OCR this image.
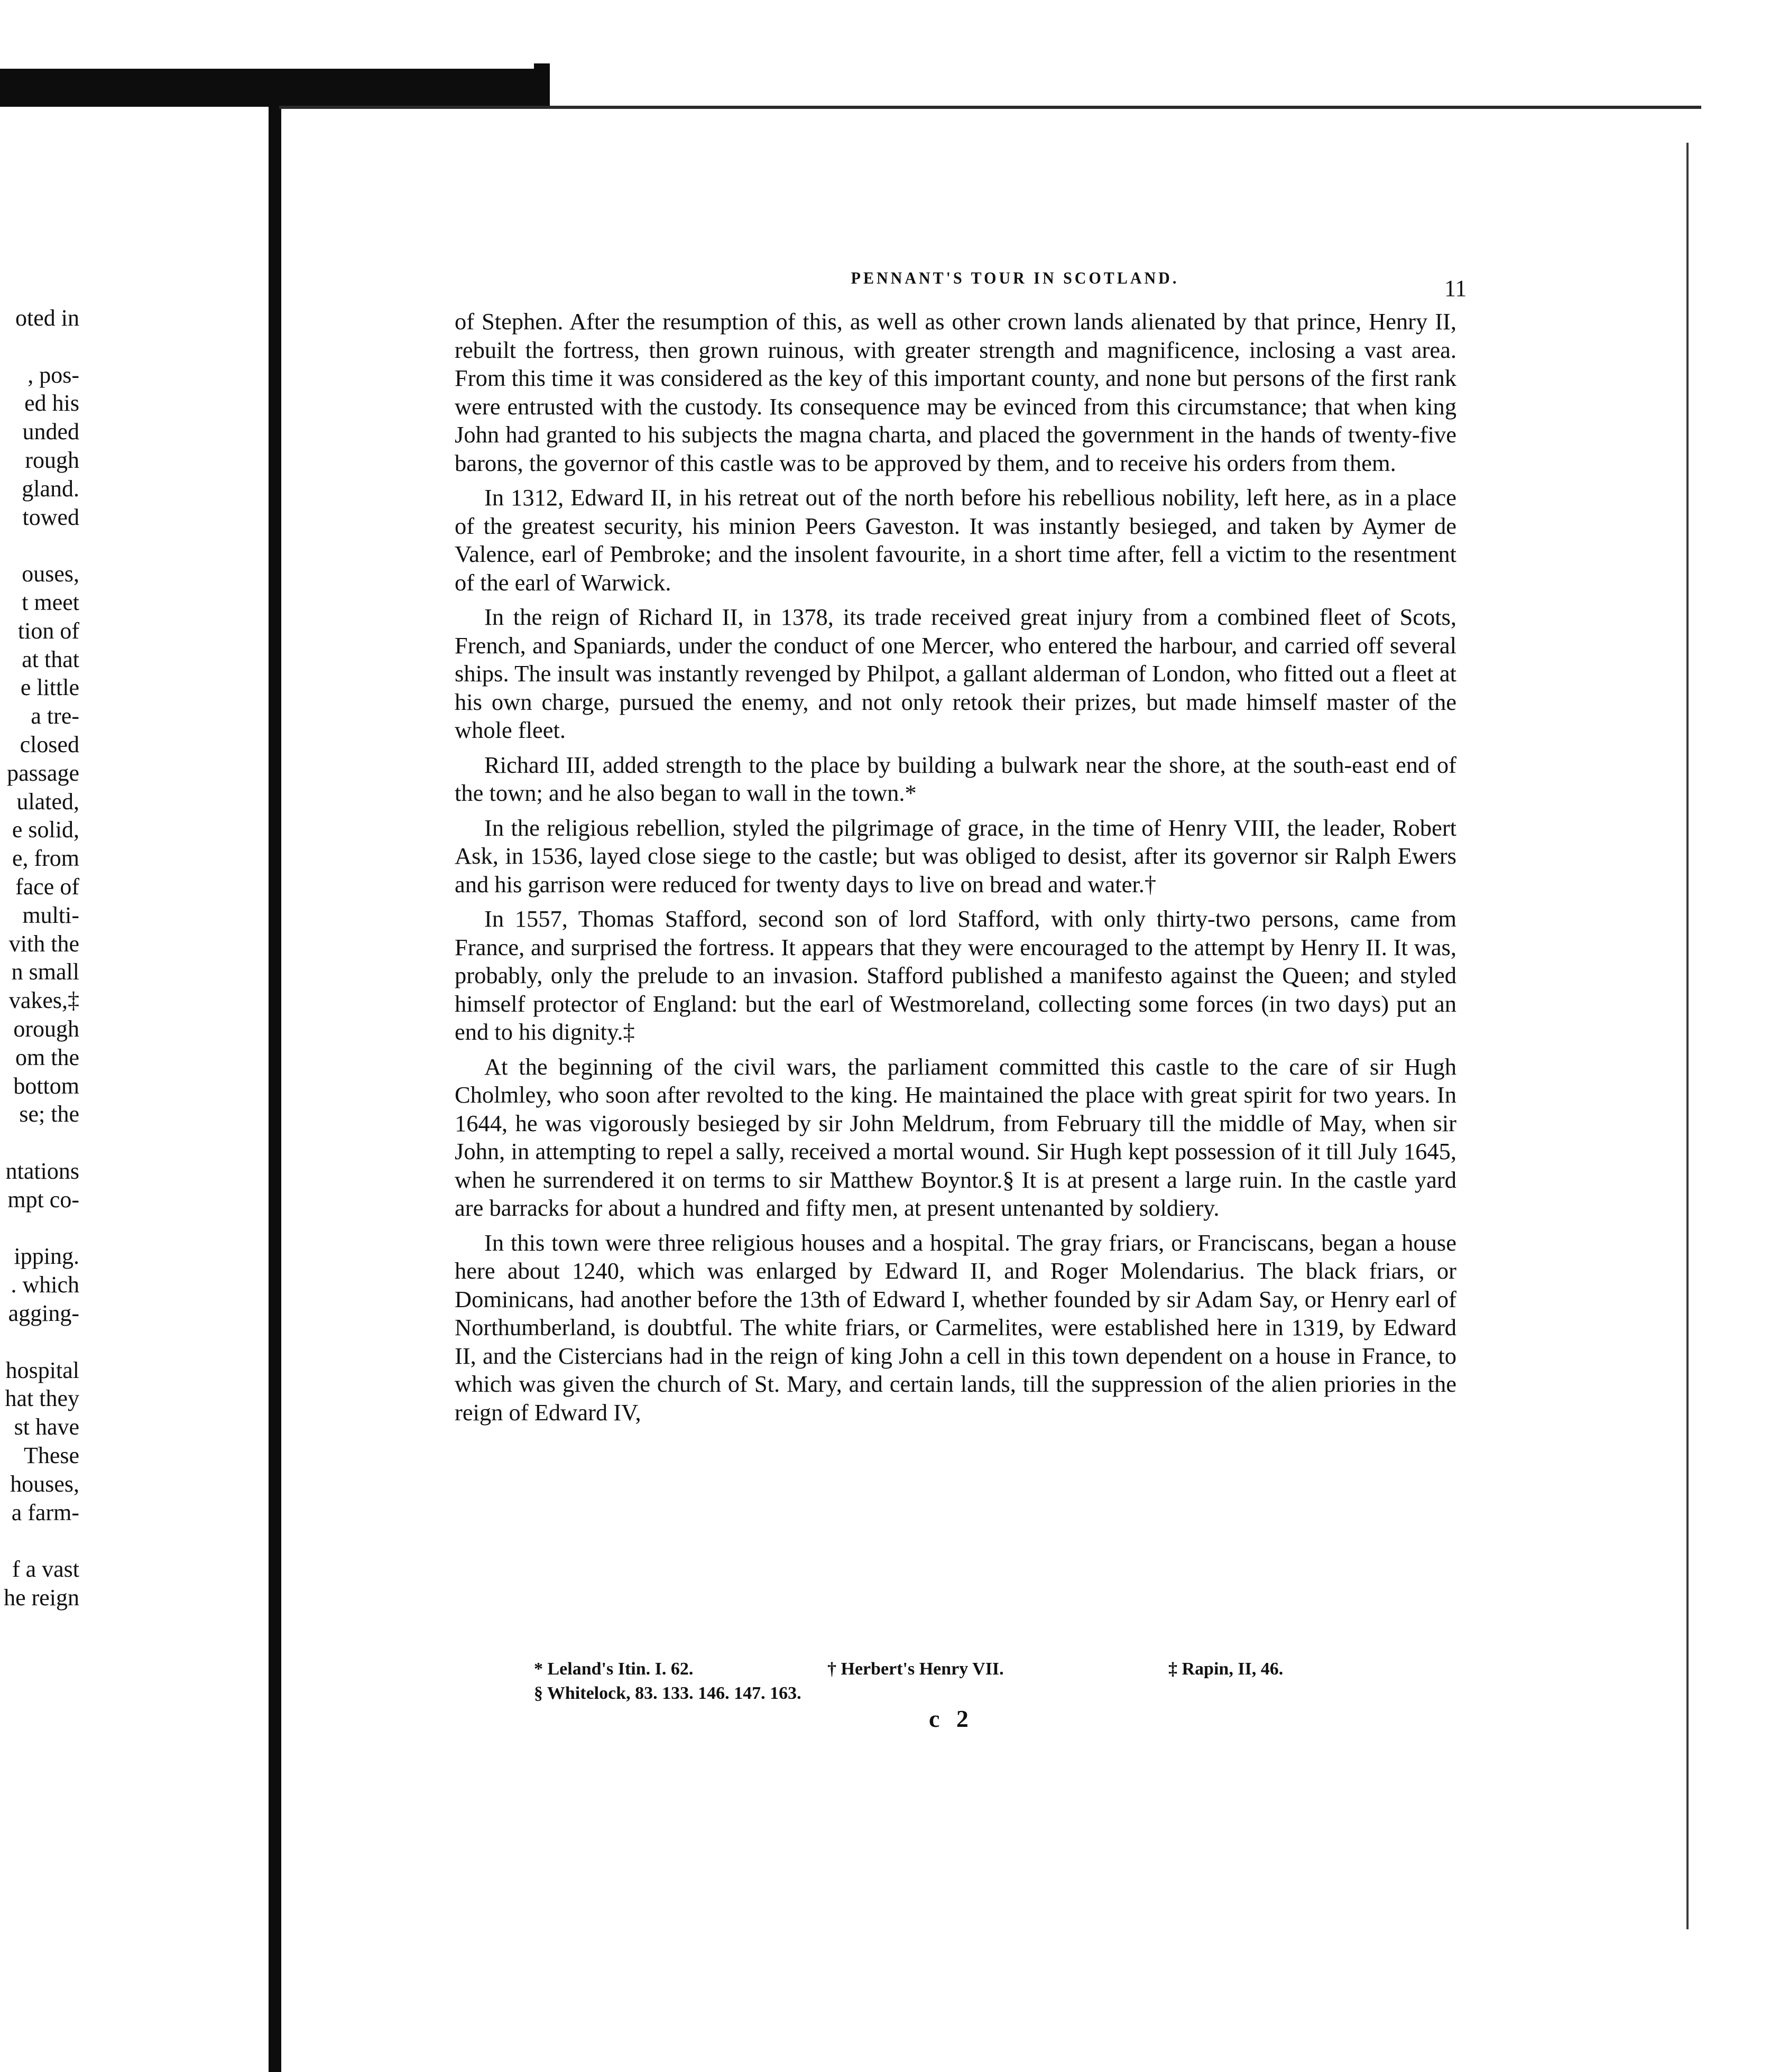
oted in
, pos-
ed his
unded
rough
gland.
towed
ouses,
t meet
tion of
at that
e little
a tre-
closed
passage
ulated,
e solid,
e, from
face of
multi-
vith the
n small
vakes,‡
orough
om the
bottom
se; the
ntations
mpt co-
ipping.
. which
agging-
hospital
hat they
st have
These
houses,
a farm-
f a vast
he reign
PENNANT'S TOUR IN SCOTLAND.	11

of Stephen. After the resumption of this, as well as other crown lands alienated by that prince, Henry II, rebuilt the fortress, then grown ruinous, with greater strength and magnificence, inclosing a vast area. From this time it was considered as the key of this important county, and none but persons of the first rank were entrusted with the custody. Its consequence may be evinced from this circumstance; that when king John had granted to his subjects the magna charta, and placed the government in the hands of twenty-five barons, the governor of this castle was to be approved by them, and to receive his orders from them.

In 1312, Edward II, in his retreat out of the north before his rebellious nobility, left here, as in a place of the greatest security, his minion Peers Gaveston. It was instantly besieged, and taken by Aymer de Valence, earl of Pembroke; and the insolent favourite, in a short time after, fell a victim to the resentment of the earl of Warwick.

In the reign of Richard II, in 1378, its trade received great injury from a combined fleet of Scots, French, and Spaniards, under the conduct of one Mercer, who entered the harbour, and carried off several ships. The insult was instantly revenged by Philpot, a gallant alderman of London, who fitted out a fleet at his own charge, pursued the enemy, and not only retook their prizes, but made himself master of the whole fleet.

Richard III, added strength to the place by building a bulwark near the shore, at the south-east end of the town; and he also began to wall in the town.*

In the religious rebellion, styled the pilgrimage of grace, in the time of Henry VIII, the leader, Robert Ask, in 1536, layed close siege to the castle; but was obliged to desist, after its governor sir Ralph Ewers and his garrison were reduced for twenty days to live on bread and water.†

In 1557, Thomas Stafford, second son of lord Stafford, with only thirty-two persons, came from France, and surprised the fortress. It appears that they were encouraged to the attempt by Henry II. It was, probably, only the prelude to an invasion. Stafford published a manifesto against the Queen; and styled himself protector of England: but the earl of Westmoreland, collecting some forces (in two days) put an end to his dignity.‡

At the beginning of the civil wars, the parliament committed this castle to the care of sir Hugh Cholmley, who soon after revolted to the king. He maintained the place with great spirit for two years. In 1644, he was vigorously besieged by sir John Meldrum, from February till the middle of May, when sir John, in attempting to repel a sally, received a mortal wound. Sir Hugh kept possession of it till July 1645, when he surrendered it on terms to sir Matthew Boyntor.§ It is at present a large ruin. In the castle yard are barracks for about a hundred and fifty men, at present untenanted by soldiery.

In this town were three religious houses and a hospital. The gray friars, or Franciscans, began a house here about 1240, which was enlarged by Edward II, and Roger Molendarius. The black friars, or Dominicans, had another before the 13th of Edward I, whether founded by sir Adam Say, or Henry earl of Northumberland, is doubtful. The white friars, or Carmelites, were established here in 1319, by Edward II, and the Cistercians had in the reign of king John a cell in this town dependent on a house in France, to which was given the church of St. Mary, and certain lands, till the suppression of the alien priories in the reign of Edward IV,

* Leland's Itin. I. 62.	† Herbert's Henry VII.	‡ Rapin, II, 46.
§ Whitelock, 83. 133. 146. 147. 163.
c 2
